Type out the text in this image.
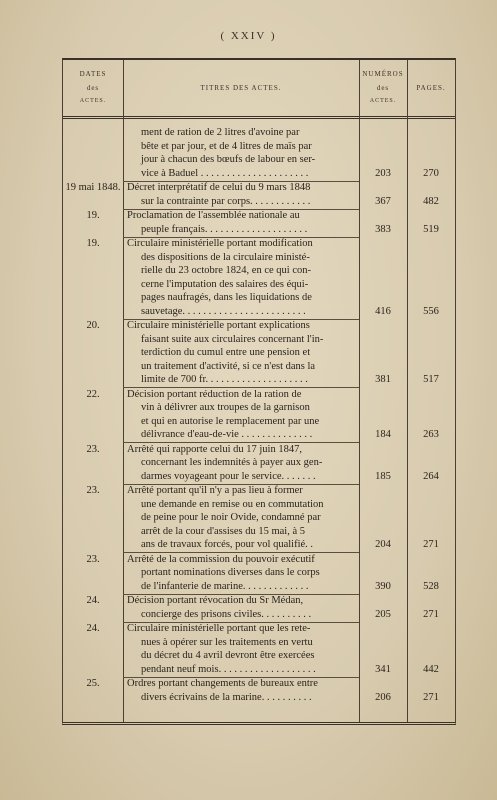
( XXIV )
DATES
des
ACTES.
TITRES DES ACTES.
NUMÉROS
des
ACTES.
PAGES.
ment de ration de 2 litres d'avoine par
bête et par jour, et de 4 litres de maïs par
jour à chacun des bœufs de labour en ser-
vice à Baduel . . . . . . . . . . . . . . . . . . . . .	203	270
19 mai 1848. Décret interprétatif de celui du 9 mars 1848
sur la contrainte par corps. . . . . . . . . . . .	367	482
19.	Proclamation de l'assemblée nationale au
peuple français. . . . . . . . . . . . . . . . . . . .	383	519
19.	Circulaire ministérielle portant modification
des dispositions de la circulaire ministé-
rielle du 23 octobre 1824, en ce qui con-
cerne l'imputation des salaires des équi-
pages naufragés, dans les liquidations de
sauvetage. . . . . . . . . . . . . . . . . . . . . . . .	416	556
20.	Circulaire ministérielle portant explications
faisant suite aux circulaires concernant l'in-
terdiction du cumul entre une pension et
un traitement d'activité, si ce n'est dans la
limite de 700 fr. . . . . . . . . . . . . . . . . . . .	381	517
22.	Décision portant réduction de la ration de
vin à délivrer aux troupes de la garnison
et qui en autorise le remplacement par une
délivrance d'eau-de-vie . . . . . . . . . . . . . .	184	263
23.	Arrêté qui rapporte celui du 17 juin 1847,
concernant les indemnités à payer aux gen-
darmes voyageant pour le service. . . . . . .	185	264
23.	Arrêté portant qu'il n'y a pas lieu à former
une demande en remise ou en commutation
de peine pour le noir Ovide, condamné par
arrêt de la cour d'assises du 15 mai, à 5
ans de travaux forcés, pour vol qualifié. .	204	271
23.	Arrêté de la commission du pouvoir exécutif
portant nominations diverses dans le corps
de l'infanterie de marine. . . . . . . . . . . . .	390	528
24.	Décision portant révocation du Sr Médan,
concierge des prisons civiles. . . . . . . . . .	205	271
24.	Circulaire ministérielle portant que les rete-
nues à opérer sur les traitements en vertu
du décret du 4 avril devront être exercées
pendant neuf mois. . . . . . . . . . . . . . . . . . .	341	442
25.	Ordres portant changements de bureaux entre
divers écrivains de la marine. . . . . . . . . .	206	271
